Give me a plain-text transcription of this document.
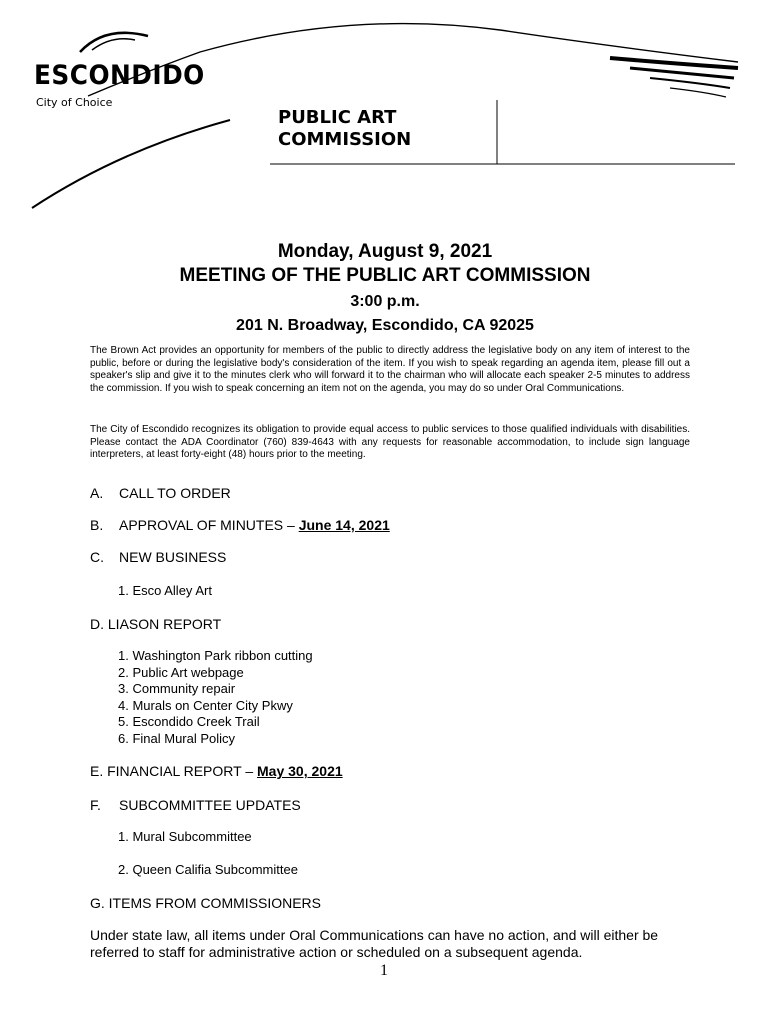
ESCONDIDO
City of Choice
PUBLIC ART
COMMISSION
Monday, August 9, 2021
MEETING OF THE PUBLIC ART COMMISSION
3:00 p.m.
201 N. Broadway, Escondido, CA 92025
The Brown Act provides an opportunity for members of the public to directly address the legislative body on any item of interest to the public, before or during the legislative body's consideration of the item. If you wish to speak regarding an agenda item, please fill out a speaker's slip and give it to the minutes clerk who will forward it to the chairman who will allocate each speaker 2-5 minutes to address the commission. If you wish to speak concerning an item not on the agenda, you may do so under Oral Communications.
The City of Escondido recognizes its obligation to provide equal access to public services to those qualified individuals with disabilities. Please contact the ADA Coordinator (760) 839-4643 with any requests for reasonable accommodation, to include sign language interpreters, at least forty-eight (48) hours prior to the meeting.
A. CALL TO ORDER
B. APPROVAL OF MINUTES – June 14, 2021
C. NEW BUSINESS
1. Esco Alley Art
D. LIASON REPORT
1. Washington Park ribbon cutting
2. Public Art webpage
3. Community repair
4. Murals on Center City Pkwy
5. Escondido Creek Trail
6. Final Mural Policy
E. FINANCIAL REPORT – May 30, 2021
F. SUBCOMMITTEE UPDATES
1. Mural Subcommittee
2. Queen Califia Subcommittee
G. ITEMS FROM COMMISSIONERS
Under state law, all items under Oral Communications can have no action, and will either be referred to staff for administrative action or scheduled on a subsequent agenda.
1
